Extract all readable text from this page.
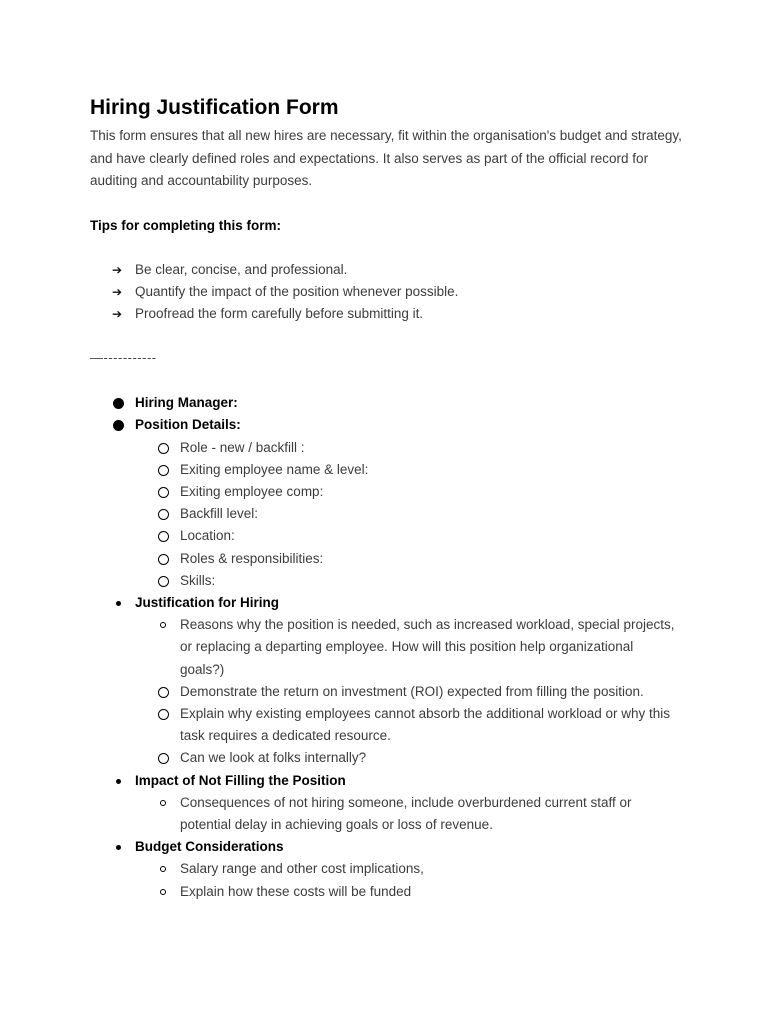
Hiring Justification Form

This form ensures that all new hires are necessary, fit within the organisation's budget and strategy, and have clearly defined roles and expectations. It also serves as part of the official record for auditing and accountability purposes.

Tips for completing this form:

➔ Be clear, concise, and professional.
➔ Quantify the impact of the position whenever possible.
➔ Proofread the form carefully before submitting it.
—-----------
Hiring Manager:
Position Details:
Role - new / backfill :
Exiting employee name & level:
Exiting employee comp:
Backfill level:
Location:
Roles & responsibilities:
Skills:
Justification for Hiring
Reasons why the position is needed, such as increased workload, special projects, or replacing a departing employee. How will this position help organizational goals?)
Demonstrate the return on investment (ROI) expected from filling the position.
Explain why existing employees cannot absorb the additional workload or why this task requires a dedicated resource.
Can we look at folks internally?
Impact of Not Filling the Position
Consequences of not hiring someone, include overburdened current staff or potential delay in achieving goals or loss of revenue.
Budget Considerations
Salary range and other cost implications,
Explain how these costs will be funded
